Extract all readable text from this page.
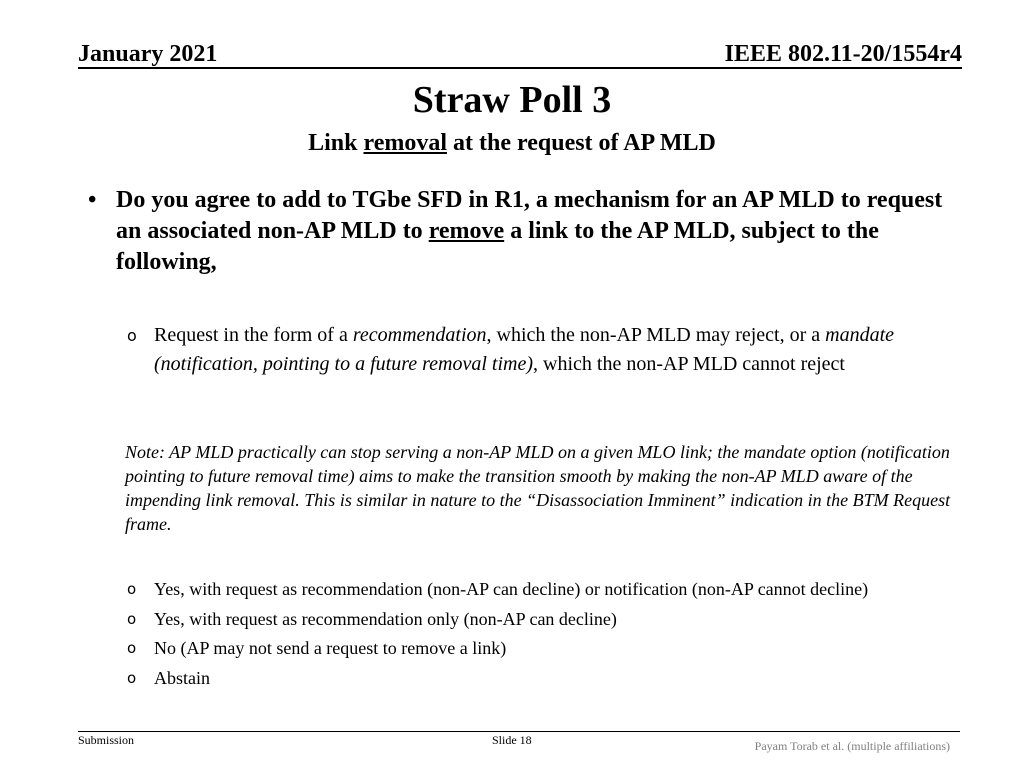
January 2021	IEEE 802.11-20/1554r4
Straw Poll 3
Link removal at the request of AP MLD
• Do you agree to add to TGbe SFD in R1, a mechanism for an AP MLD to request an associated non-AP MLD to remove a link to the AP MLD, subject to the following,
o Request in the form of a recommendation, which the non-AP MLD may reject, or a mandate (notification, pointing to a future removal time), which the non-AP MLD cannot reject
Note: AP MLD practically can stop serving a non-AP MLD on a given MLO link; the mandate option (notification pointing to future removal time) aims to make the transition smooth by making the non-AP MLD aware of the impending link removal. This is similar in nature to the “Disassociation Imminent” indication in the BTM Request frame.
o Yes, with request as recommendation (non-AP can decline) or notification (non-AP cannot decline)
o Yes, with request as recommendation only (non-AP can decline)
o No (AP may not send a request to remove a link)
o Abstain
Submission	Slide 18	Payam Torab et al. (multiple affiliations)
